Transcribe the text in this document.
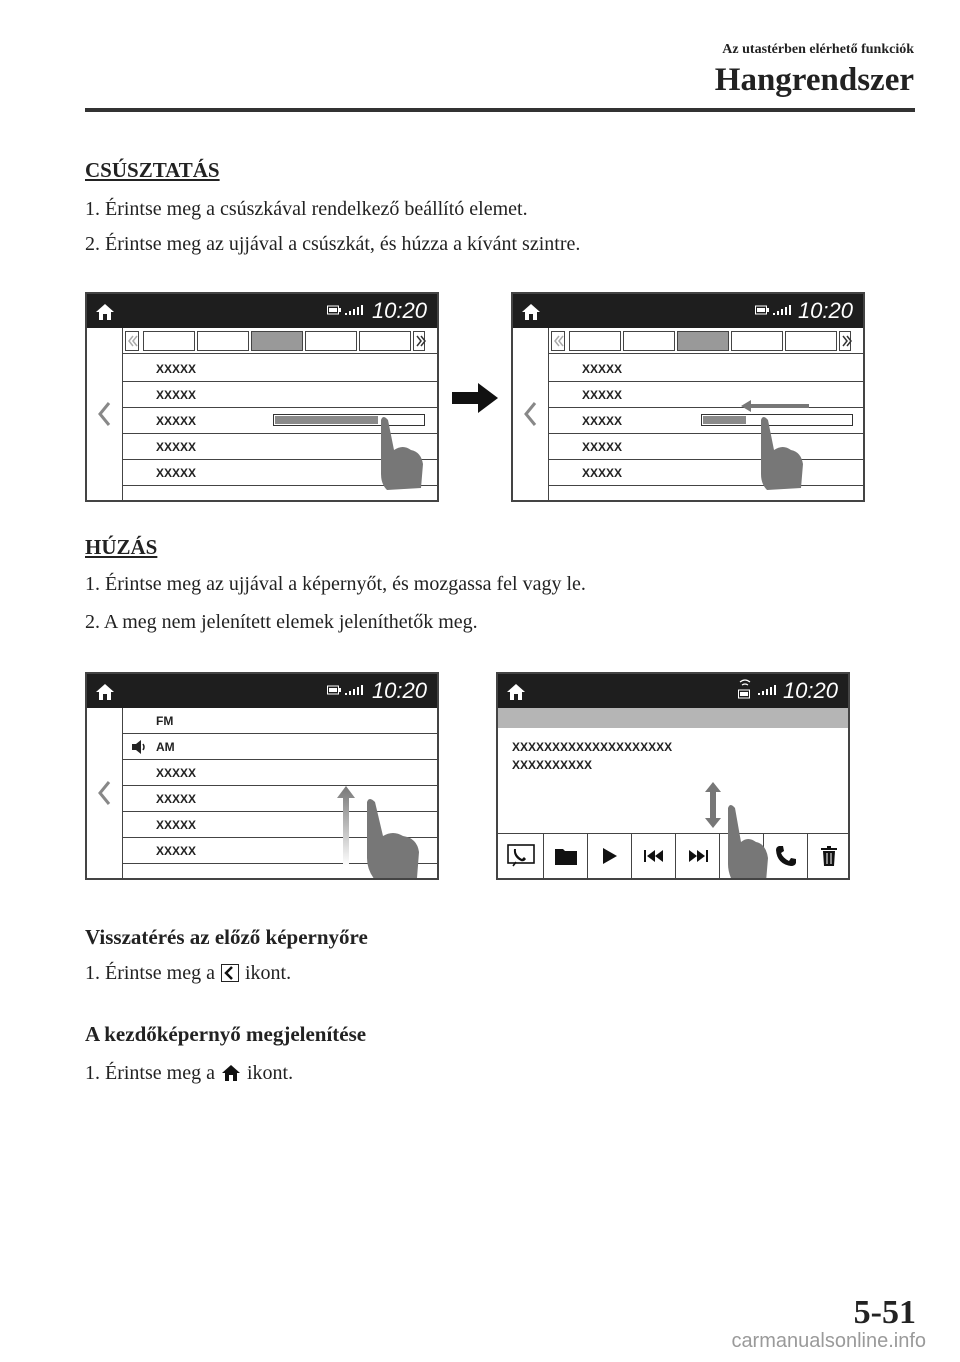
Az utastérben elérhető funkciók
Hangrendszer
CSÚSZTATÁS
1. Érintse meg a csúszkával rendelkező beállító elemet.
2. Érintse meg az ujjával a csúszkát, és húzza a kívánt szintre.
10:20
XXXXX
XXXXX
XXXXX
XXXXX
XXXXX
10:20
XXXXX
XXXXX
XXXXX
XXXXX
XXXXX
HÚZÁS
1. Érintse meg az ujjával a képernyőt, és mozgassa fel vagy le.
2. A meg nem jelenített elemek jeleníthetők meg.
10:20
FM
AM
XXXXX
XXXXX
XXXXX
XXXXX
10:20
XXXXXXXXXXXXXXXXXXXX
XXXXXXXXXX
Visszatérés az előző képernyőre
1. Érintse meg a ikont.
A kezdőképernyő megjelenítése
1. Érintse meg a ikont.
5-51
carmanualsonline.info
